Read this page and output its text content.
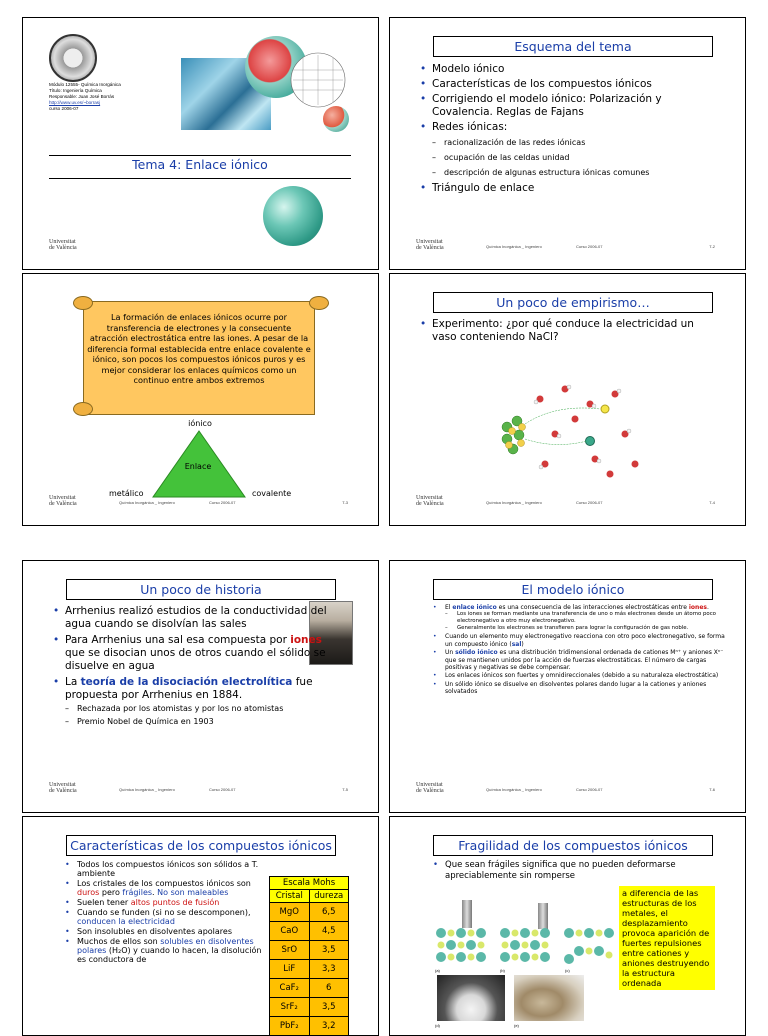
Módulo 12555- Química Inorgánica
Título: Ingeniería Química
Responsable: Juan José Borrás
http://www.uv.es/~borrasj
curso 2006-07
Tema 4: Enlace iónico
Universitat
de València
Esquema del tema
• Modelo iónico
• Características de los compuestos iónicos
• Corrigiendo el modelo iónico: Polarización y Covalencia. Reglas de Fajans
• Redes iónicas:
– racionalización de las redes iónicas
– ocupación de las celdas unidad
– descripción de algunas estructura iónicas comunes
• Triángulo de enlace
Universitat
de València	Química Inorgánica _ Ingeniero	Curso 2006-07	T-2
La formación de enlaces iónicos ocurre por transferencia de electrones y la consecuente atracción electrostática entre las iones. A pesar de la diferencia formal establecida entre enlace covalente e iónico, son pocos los compuestos iónicos puros y es mejor considerar los enlaces químicos como un continuo entre ambos extremos
iónico
Enlace
metálico	covalente
Universitat
de València	Química Inorgánica _ Ingeniero	Curso 2006-07	T-3
Un poco de empirismo…
• Experimento: ¿por qué conduce la electricidad un vaso conteniendo NaCl?
Universitat
de València	Química Inorgánica _ Ingeniero	Curso 2006-07	T-4
Un poco de historia
• Arrhenius realizó estudios de la conductividad del agua cuando se disolvían las sales
• Para Arrhenius una sal esa compuesta por iones que se disocian unos de otros cuando el sólido se disuelve en agua
• La teoría de la disociación electrolítica fue propuesta por Arrhenius en 1884.
– Rechazada por los atomistas y por los no atomistas
– Premio Nobel de Química en 1903
Universitat
de València	Química Inorgánica _ Ingeniero	Curso 2006-07	T-5
El modelo iónico
• El enlace iónico es una consecuencia de las interacciones electrostáticas entre iones.
– Los iones se forman mediante una transferencia de uno o más electrones desde un átomo poco electronegativo a otro muy electronegativo.
– Generalmente los electrones se transfieren para lograr la configuración de gas noble.
• Cuando un elemento muy electronegativo reacciona con otro poco electronegativo, se forma un compuesto iónico (sal)
• Un sólido iónico es una distribución tridimensional ordenada de cationes Mⁿ⁺ y aniones Xⁿ⁻ que se mantienen unidos por la acción de fuerzas electrostáticas. El número de cargas positivas y negativas se debe compensar.
• Los enlaces iónicos son fuertes y omnidireccionales (debido a su naturaleza electrostática)
• Un sólido iónico se disuelve en disolventes polares dando lugar a la cationes y aniones solvatados
Universitat
de València	Química Inorgánica _ Ingeniero	Curso 2006-07	T-6
Características de los compuestos iónicos
• Todos los compuestos iónicos son sólidos a T. ambiente
• Los cristales de los compuestos iónicos son duros pero frágiles. No son maleables
• Suelen tener altos puntos de fusión
• Cuando se funden (si no se descomponen), conducen la electricidad
• Son insolubles en disolventes apolares
• Muchos de ellos son solubles en disolventes polares (H₂O) y cuando lo hacen, la disolución es conductora de
Escala Mohs	
Cristal	dureza
MgO	6,5
CaO	4,5
SrO	3,5
LiF	3,3
CaF₂	6
SrF₂	3,5
PbF₂	3,2
Fragilidad de los compuestos iónicos
• Que sean frágiles significa que no pueden deformarse apreciablemente sin romperse
(a)	(b)	(c)
(d)	(e)
a diferencia de las estructuras de los metales, el desplazamiento provoca aparición de fuertes repulsiones entre cationes y aniones destruyendo la estructura ordenada
